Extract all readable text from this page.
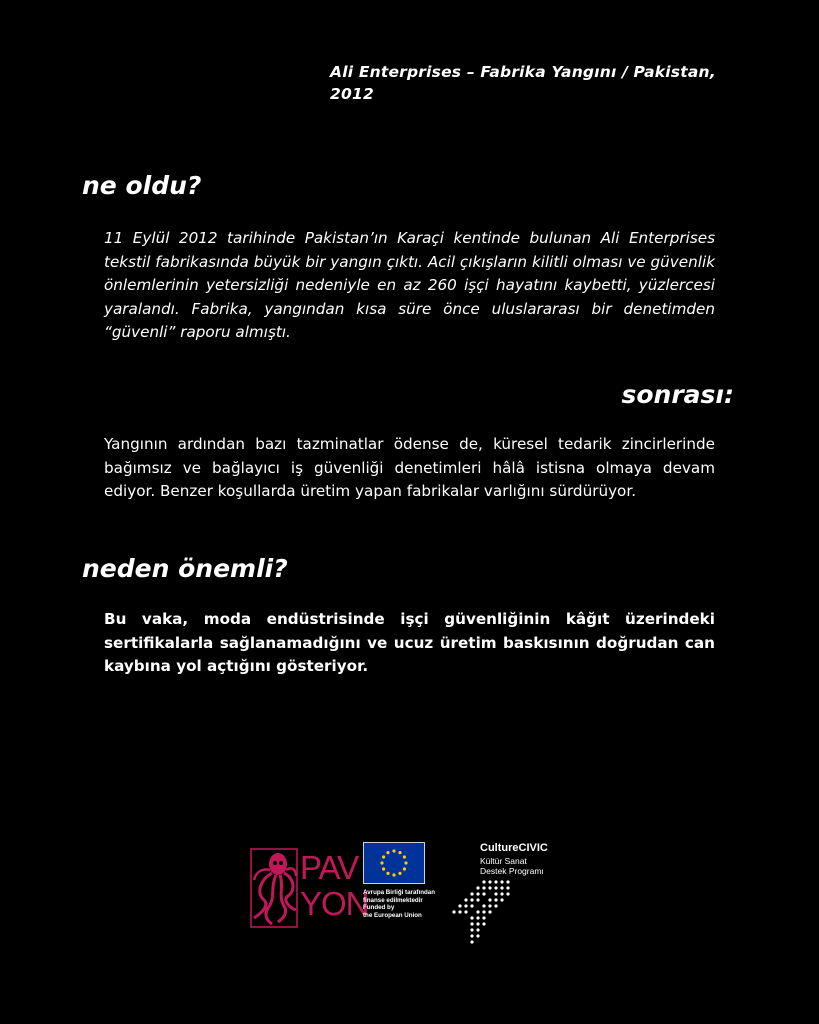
Ali Enterprises – Fabrika Yangını / Pakistan, 2012
ne oldu?

11 Eylül 2012 tarihinde Pakistan’ın Karaçi kentinde bulunan Ali Enterprises tekstil fabrikasında büyük bir yangın çıktı. Acil çıkışların kilitli olması ve güvenlik önlemlerinin yetersizliği nedeniyle en az 260 işçi hayatını kaybetti, yüzlercesi yaralandı. Fabrika, yangından kısa süre önce uluslararası bir denetimden “güvenli” raporu almıştı.

sonrası:

Yangının ardından bazı tazminatlar ödense de, küresel tedarik zincirlerinde bağımsız ve bağlayıcı iş güvenliği denetimleri hâlâ istisna olmaya devam ediyor. Benzer koşullarda üretim yapan fabrikalar varlığını sürdürüyor.

neden önemli?

Bu vaka, moda endüstrisinde işçi güvenliğinin kâğıt üzerindeki sertifikalarla sağlanamadığını ve ucuz üretim baskısının doğrudan can kaybına yol açtığını gösteriyor.

PAV
YON
Avrupa Birliği tarafından
finanse edilmektedir
Funded by
the European Union
CultureCIVIC
Kültür Sanat
Destek Programı
